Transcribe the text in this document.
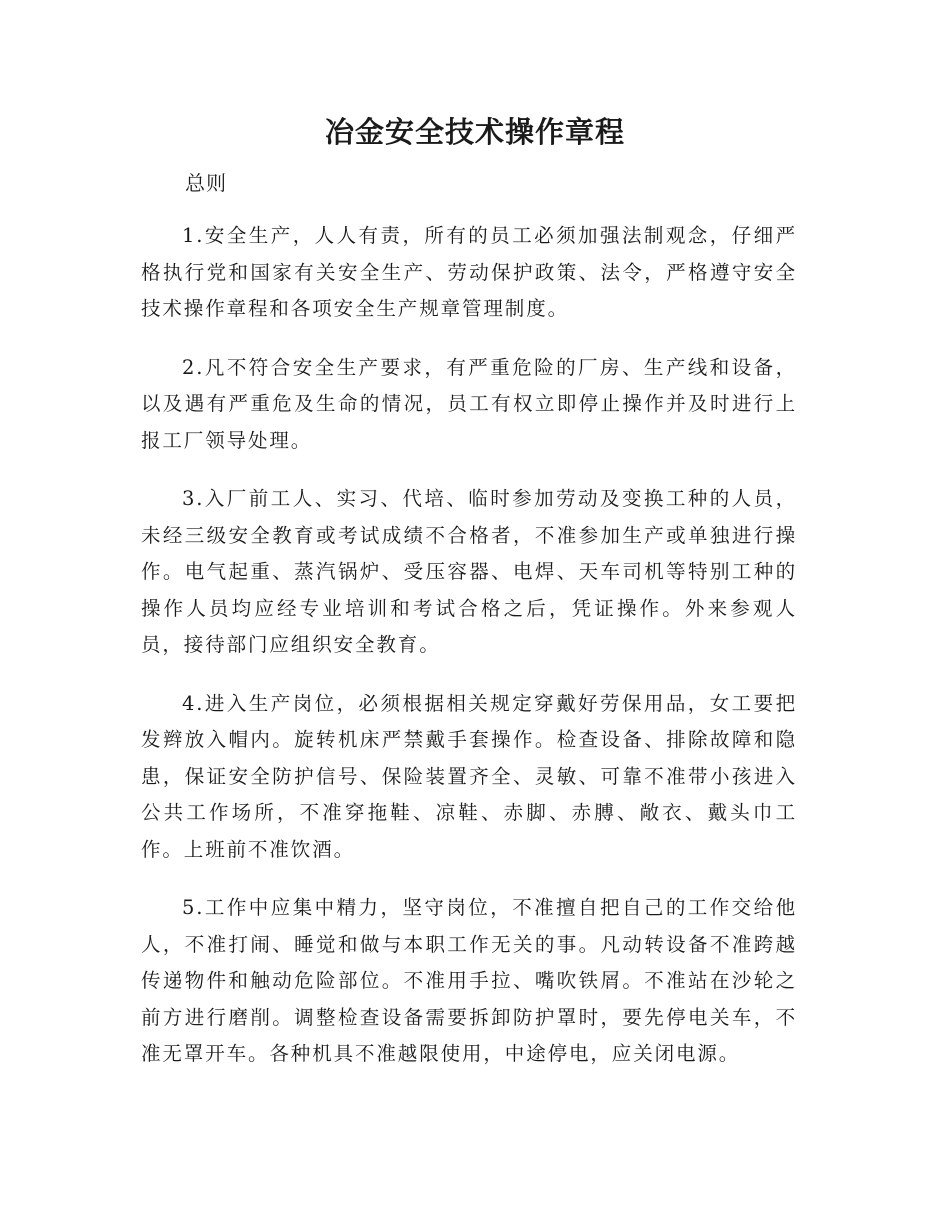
冶金安全技术操作章程
总则

1.安全生产，人人有责，所有的员工必须加强法制观念，仔细严格执行党和国家有关安全生产、劳动保护政策、法令，严格遵守安全技术操作章程和各项安全生产规章管理制度。

2.凡不符合安全生产要求，有严重危险的厂房、生产线和设备，以及遇有严重危及生命的情况，员工有权立即停止操作并及时进行上报工厂领导处理。

3.入厂前工人、实习、代培、临时参加劳动及变换工种的人员，未经三级安全教育或考试成绩不合格者，不准参加生产或单独进行操作。电气起重、蒸汽锅炉、受压容器、电焊、天车司机等特别工种的操作人员均应经专业培训和考试合格之后，凭证操作。外来参观人员，接待部门应组织安全教育。

4.进入生产岗位，必须根据相关规定穿戴好劳保用品，女工要把发辫放入帽内。旋转机床严禁戴手套操作。检查设备、排除故障和隐患，保证安全防护信号、保险装置齐全、灵敏、可靠不准带小孩进入公共工作场所，不准穿拖鞋、凉鞋、赤脚、赤膊、敞衣、戴头巾工作。上班前不准饮酒。

5.工作中应集中精力，坚守岗位，不准擅自把自己的工作交给他人，不准打闹、睡觉和做与本职工作无关的事。凡动转设备不准跨越传递物件和触动危险部位。不准用手拉、嘴吹铁屑。不准站在沙轮之前方进行磨削。调整检查设备需要拆卸防护罩时，要先停电关车，不准无罩开车。各种机具不准越限使用，中途停电，应关闭电源。
